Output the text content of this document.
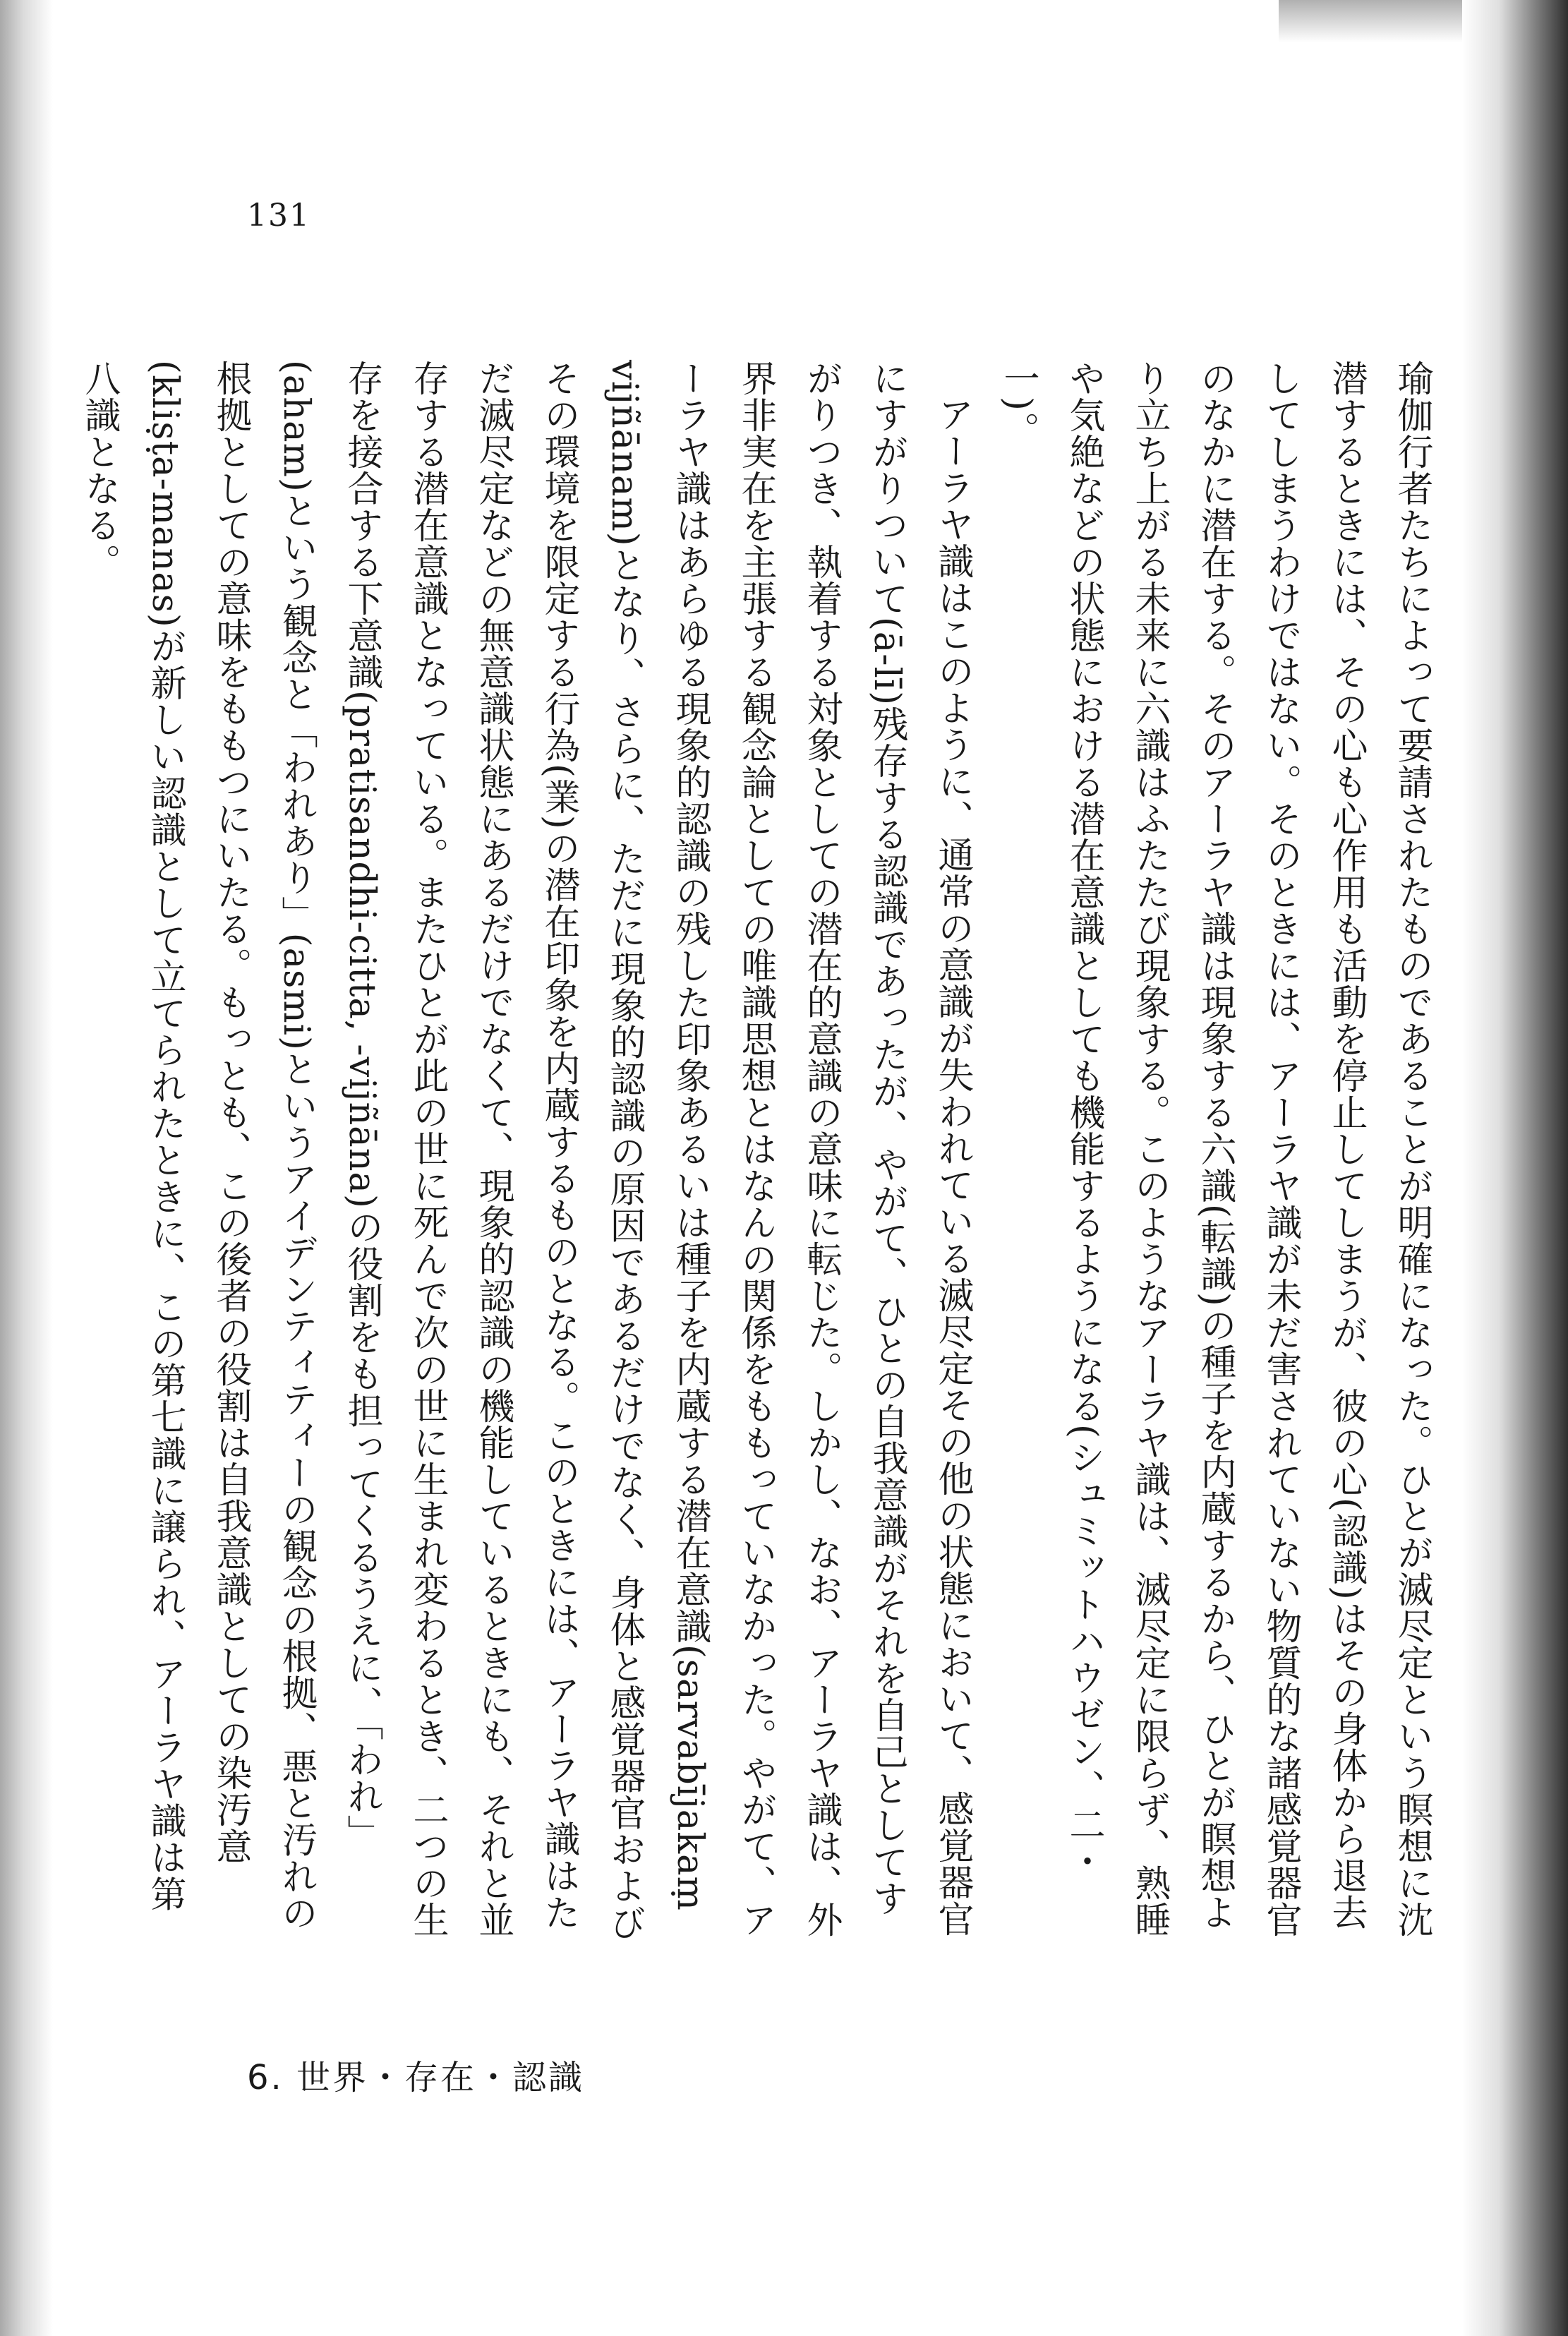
131

瑜伽行者たちによって要請されたものであることが明確になった。ひとが滅尽定という瞑想に沈潜するときには、その心も心作用も活動を停止してしまうが、彼の心(認識)はその身体から退去してしまうわけではない。そのときには、アーラヤ識が未だ害されていない物質的な諸感覚器官のなかに潜在する。そのアーラヤ識は現象する六識(転識)の種子を内蔵するから、ひとが瞑想より立ち上がる未来に六識はふたたび現象する。このようなアーラヤ識は、滅尽定に限らず、熟睡や気絶などの状態における潜在意識としても機能するようになる(シュミットハウゼン、二・一)。

アーラヤ識はこのように、通常の意識が失われている滅尽定その他の状態において、感覚器官にすがりついて(ā-lī)残存する認識であったが、やがて、ひとの自我意識がそれを自己としてすがりつき、執着する対象としての潜在的意識の意味に転じた。しかし、なお、アーラヤ識は、外界非実在を主張する観念論としての唯識思想とはなんの関係をももっていなかった。やがて、アーラヤ識はあらゆる現象的認識の残した印象あるいは種子を内蔵する潜在意識(sarvabījakaṃ vijñānam)となり、さらに、ただに現象的認識の原因であるだけでなく、身体と感覚器官およびその環境を限定する行為(業)の潜在印象を内蔵するものとなる。このときには、アーラヤ識はただ滅尽定などの無意識状態にあるだけでなくて、現象的認識の機能しているときにも、それと並存する潜在意識となっている。またひとが此の世に死んで次の世に生まれ変わるとき、二つの生存を接合する下意識(pratisandhi-citta, -vijñāna)の役割をも担ってくるうえに、「われ」(aham)という観念と「われあり」(asmi)というアイデンティティーの観念の根拠、悪と汚れの根拠としての意味をももつにいたる。もっとも、この後者の役割は自我意識としての染汚意(kliṣṭa-manas)が新しい認識として立てられたときに、この第七識に譲られ、アーラヤ識は第八識となる。

6. 世界・存在・認識
